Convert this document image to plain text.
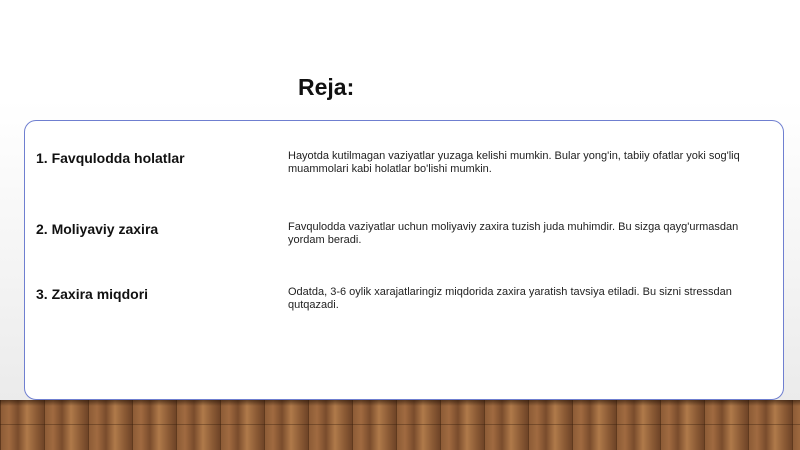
Reja:

1. Favqulodda holatlar	Hayotda kutilmagan vaziyatlar yuzaga kelishi mumkin. Bular yong'in, tabiiy ofatlar yoki sog'liq muammolari kabi holatlar bo'lishi mumkin.

2. Moliyaviy zaxira	Favqulodda vaziyatlar uchun moliyaviy zaxira tuzish juda muhimdir. Bu sizga qayg'urmasdan yordam beradi.

3. Zaxira miqdori	Odatda, 3-6 oylik xarajatlaringiz miqdorida zaxira yaratish tavsiya etiladi. Bu sizni stressdan qutqazadi.
